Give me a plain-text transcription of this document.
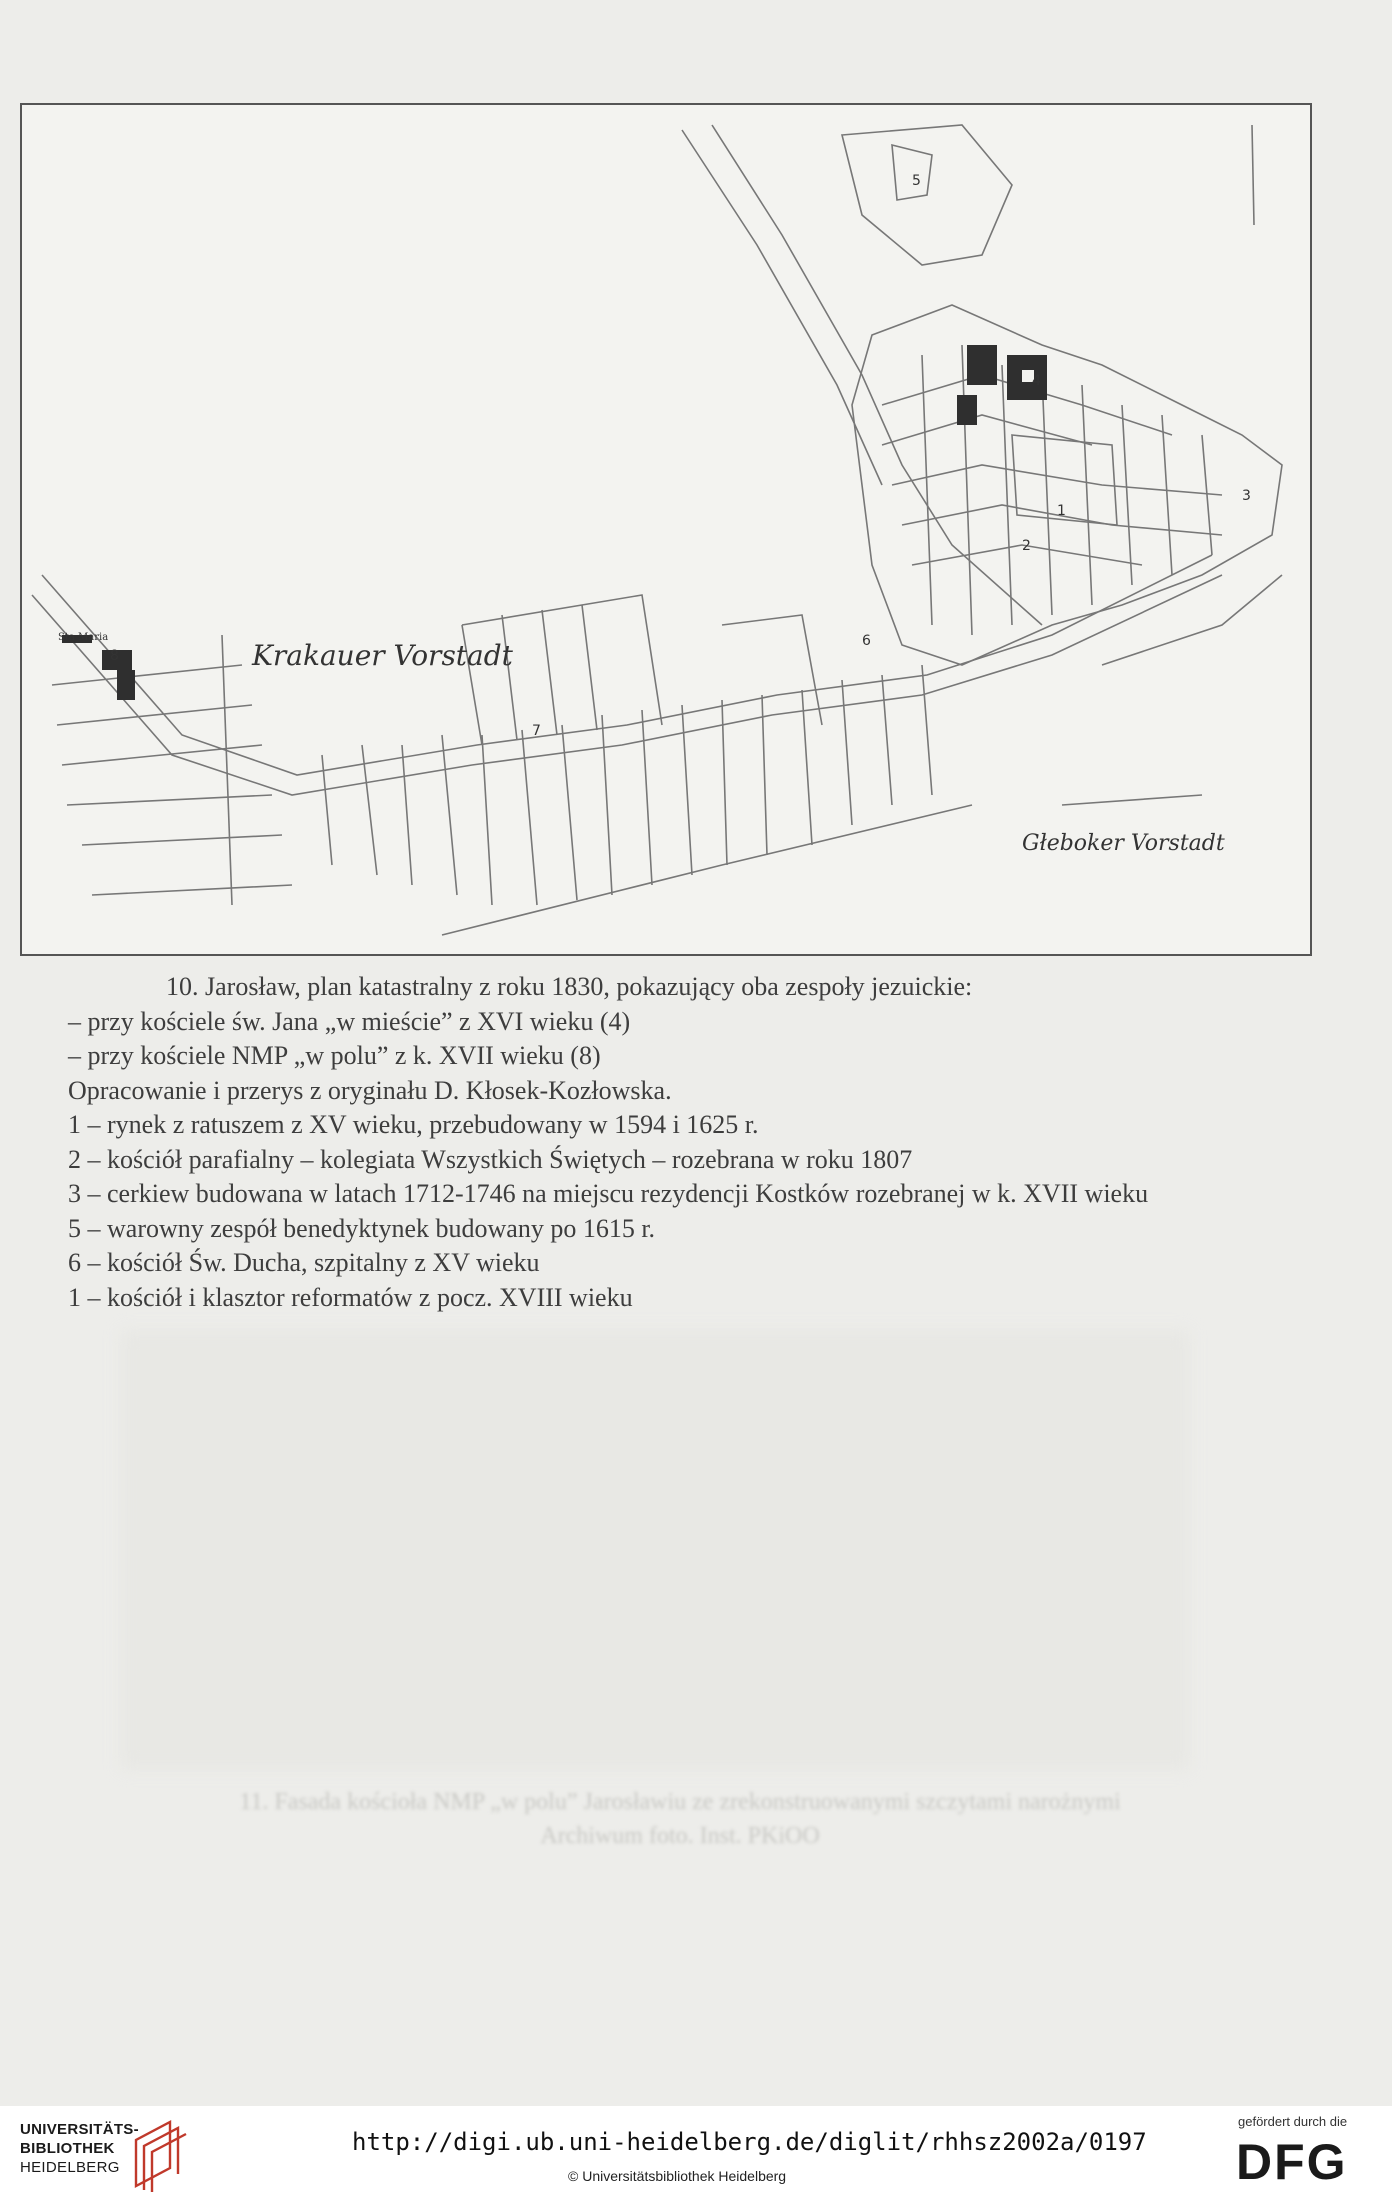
11. Fasada kościoła NMP „w polu” Jarosławiu ze zrekonstruowanymi szczytami narożnymi
Archiwum foto. Inst. PKiOO
Krakauer Vorstadt
Głeboker Vorstadt
Sta Maria
1
2
3
4
5
6
7
8
10. Jarosław, plan katastralny z roku 1830, pokazujący oba zespoły jezuickie:
– przy kościele św. Jana „w mieście” z XVI wieku (4)
– przy kościele NMP „w polu” z k. XVII wieku (8)
Opracowanie i przerys z oryginału D. Kłosek-Kozłowska.
1 – rynek z ratuszem z XV wieku, przebudowany w 1594 i 1625 r.
2 – kościół parafialny – kolegiata Wszystkich Świętych – rozebrana w roku 1807
3 – cerkiew budowana w latach 1712-1746 na miejscu rezydencji Kostków rozebranej w k. XVII wieku
5 – warowny zespół benedyktynek budowany po 1615 r.
6 – kościół Św. Ducha, szpitalny z XV wieku
1 – kościół i klasztor reformatów z pocz. XVIII wieku
UNIVERSITÄTS-
BIBLIOTHEK
HEIDELBERG
http://digi.ub.uni-heidelberg.de/diglit/rhhsz2002a/0197
© Universitätsbibliothek Heidelberg
gefördert durch die
DFG
